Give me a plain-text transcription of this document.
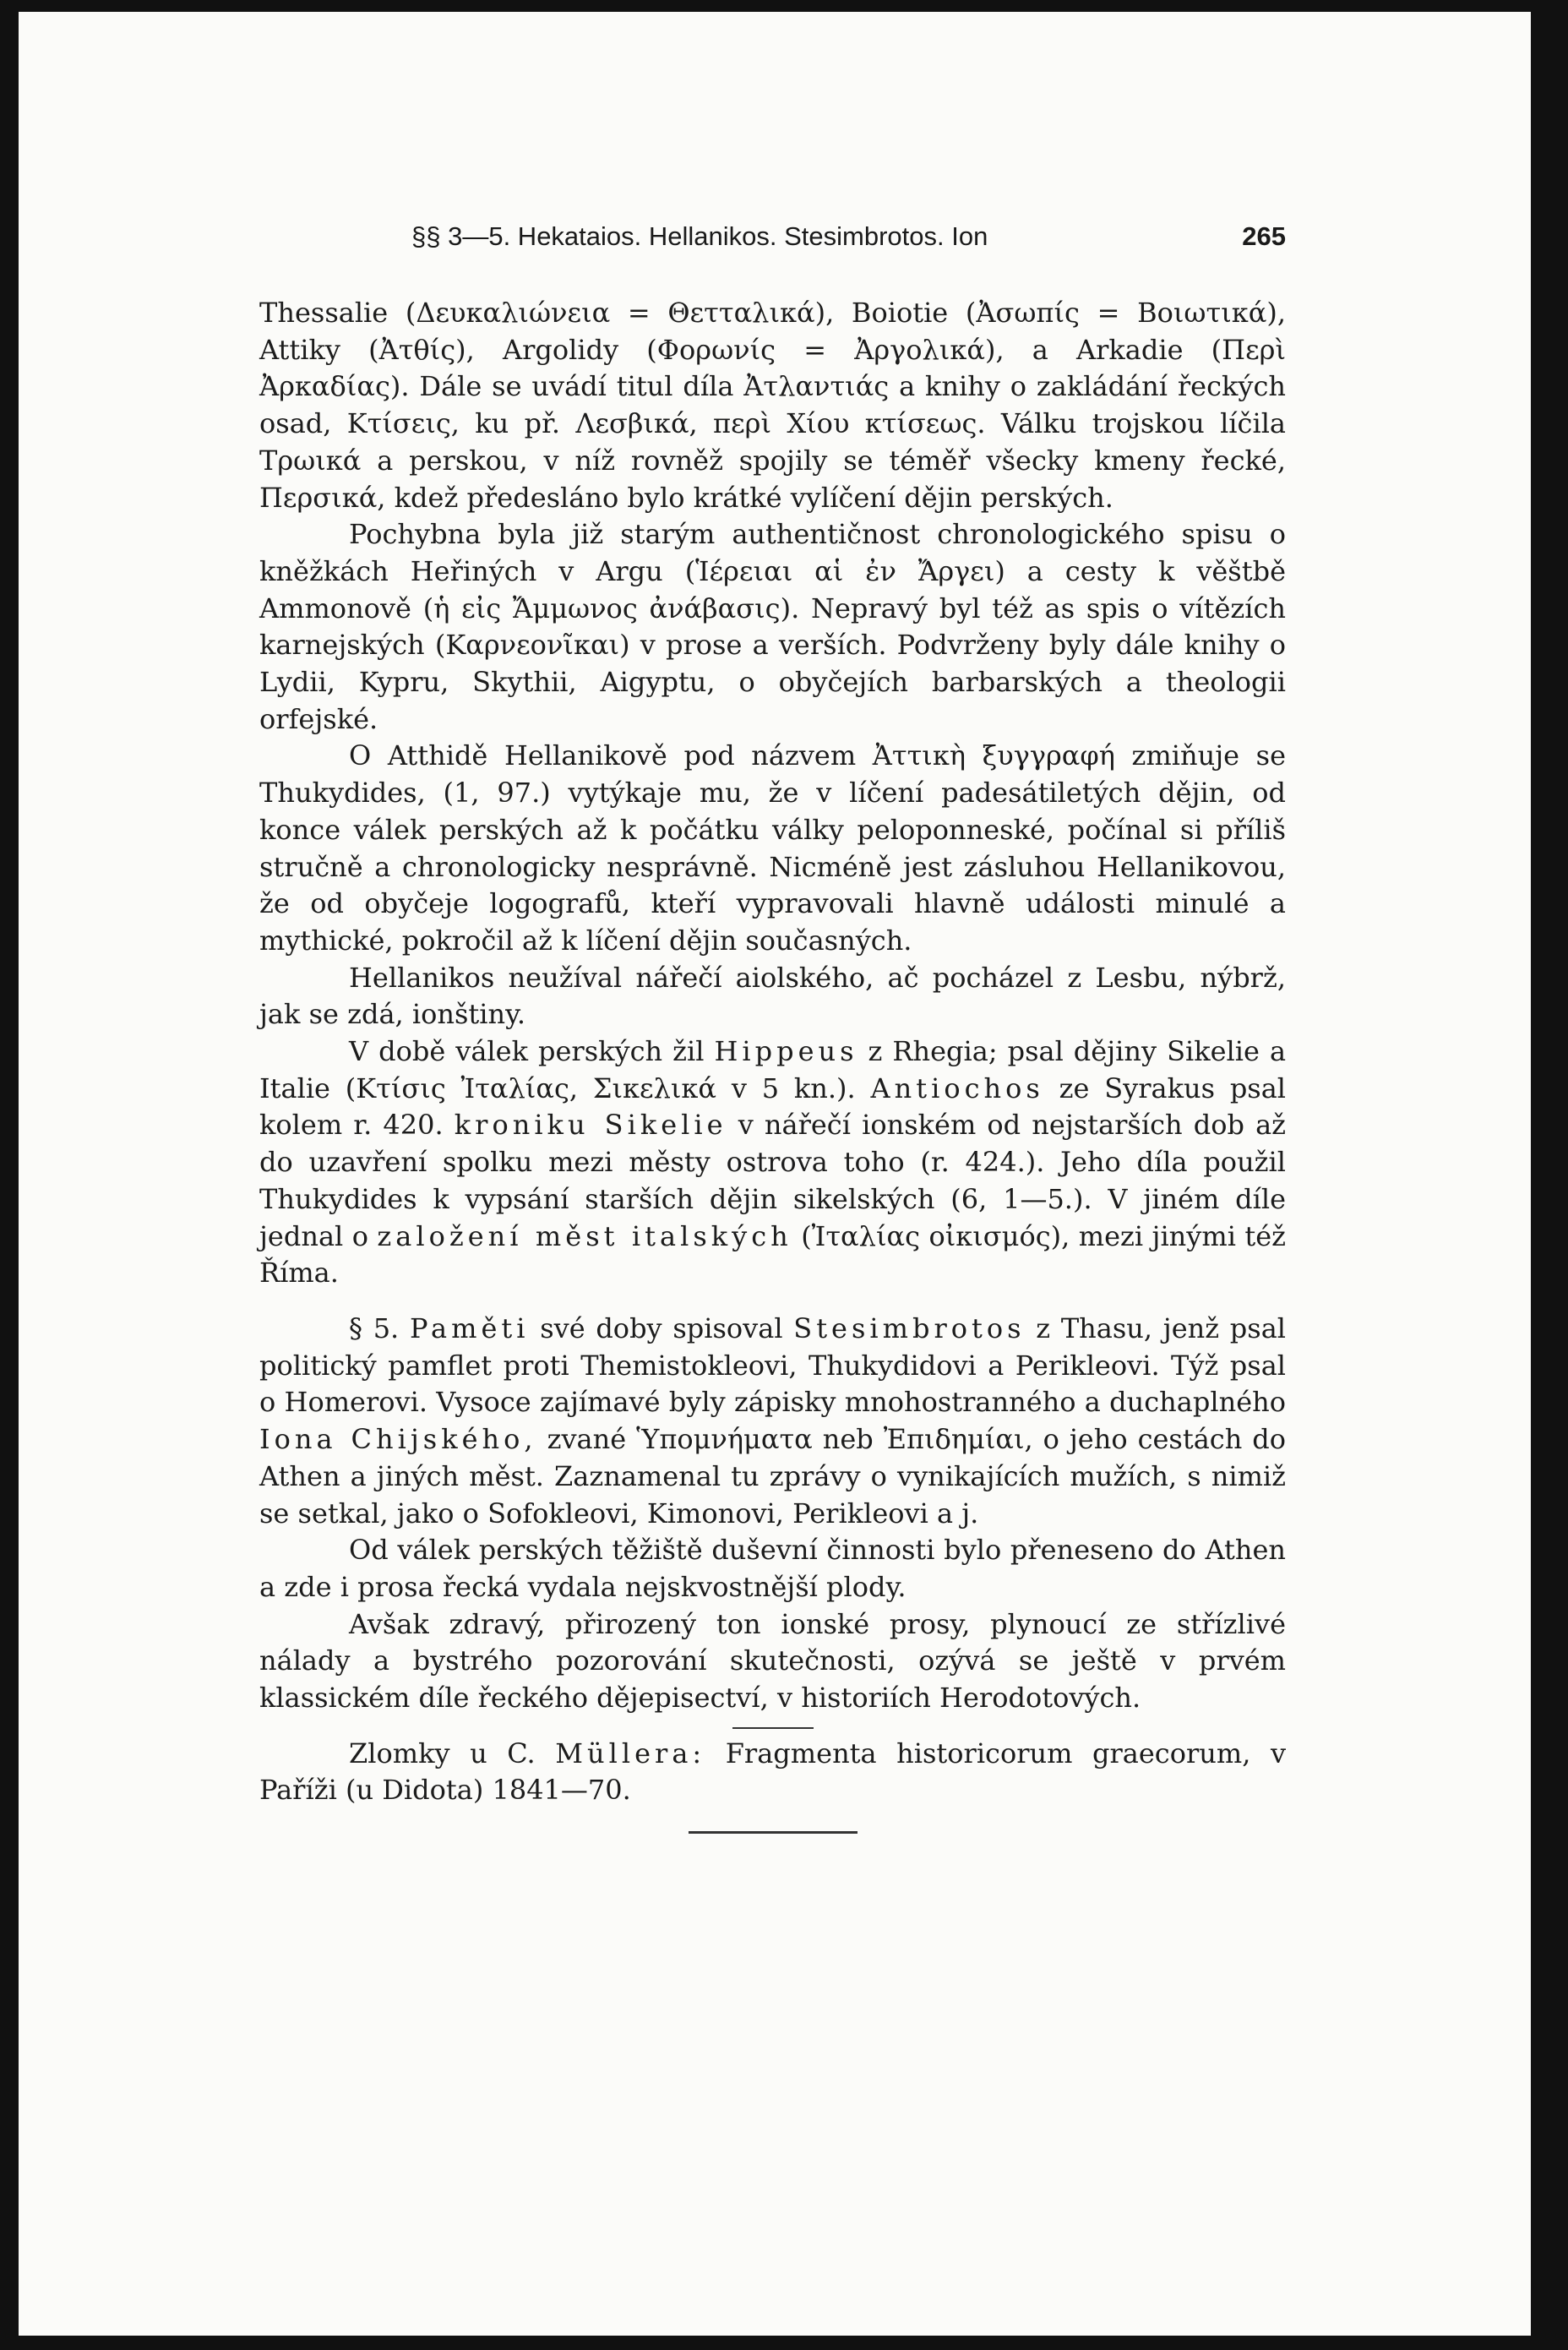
§§ 3—5. Hekataios. Hellanikos. Stesimbrotos. Ion	265

Thessalie (Δευκαλιώνεια = Θετταλικά), Boiotie (Ἀσωπίς = Βοιωτικά), Attiky (Ἀτθίς), Argolidy (Φορωνίς = Ἀργολικά), a Arkadie (Περὶ Ἀρκαδίας). Dále se uvádí titul díla Ἀτλαντιάς a knihy o zakládání řeckých osad, Κτίσεις, ku př. Λεσβικά, περὶ Χίου κτίσεως. Válku trojskou líčila Τρωικά a perskou, v níž rovněž spojily se téměř všecky kmeny řecké, Περσικά, kdež předesláno bylo krátké vylíčení dějin perských.

Pochybna byla již starým authentičnost chronologického spisu o kněžkách Heřiných v Argu (Ἱέρειαι αἱ ἐν Ἄργει) a cesty k věštbě Ammonově (ἡ εἰς Ἄμμωνος ἀνάβασις). Nepravý byl též as spis o vítězích karnejských (Καρνεονῖκαι) v prose a verších. Podvrženy byly dále knihy o Lydii, Kypru, Skythii, Aigyptu, o obyčejích barbarských a theologii orfejské.

O Atthidě Hellanikově pod názvem Ἀττικὴ ξυγγραφή zmiňuje se Thukydides, (1, 97.) vytýkaje mu, že v líčení padesátiletých dějin, od konce válek perských až k počátku války peloponneské, počínal si příliš stručně a chronologicky nesprávně. Nicméně jest zásluhou Hellanikovou, že od obyčeje logografů, kteří vypravovali hlavně události minulé a mythické, pokročil až k líčení dějin současných.

Hellanikos neužíval nářečí aiolského, ač pocházel z Lesbu, nýbrž, jak se zdá, ionštiny.

V době válek perských žil Hippeus z Rhegia; psal dějiny Sikelie a Italie (Κτίσις Ἰταλίας, Σικελικά v 5 kn.). Antiochos ze Syrakus psal kolem r. 420. kroniku Sikelie v nářečí ionském od nejstarších dob až do uzavření spolku mezi městy ostrova toho (r. 424.). Jeho díla použil Thukydides k vypsání starších dějin sikelských (6, 1—5.). V jiném díle jednal o založení měst italských (Ἰταλίας οἰκισμός), mezi jinými též Říma.

§ 5. Paměti své doby spisoval Stesimbrotos z Thasu, jenž psal politický pamflet proti Themistokleovi, Thukydidovi a Perikleovi. Týž psal o Homerovi. Vysoce zajímavé byly zápisky mnohostranného a duchaplného Iona Chijského, zvané Ὑπομνήματα neb Ἐπιδημίαι, o jeho cestách do Athen a jiných měst. Zaznamenal tu zprávy o vynikajících mužích, s nimiž se setkal, jako o Sofokleovi, Kimonovi, Perikleovi a j.

Od válek perských těžiště duševní činnosti bylo přeneseno do Athen a zde i prosa řecká vydala nejskvostnější plody.

Avšak zdravý, přirozený ton ionské prosy, plynoucí ze střízlivé nálady a bystrého pozorování skutečnosti, ozývá se ještě v prvém klassickém díle řeckého dějepisectví, v historiích Herodotových.

Zlomky u C. Müllera: Fragmenta historicorum graecorum, v Paříži (u Didota) 1841—70.
